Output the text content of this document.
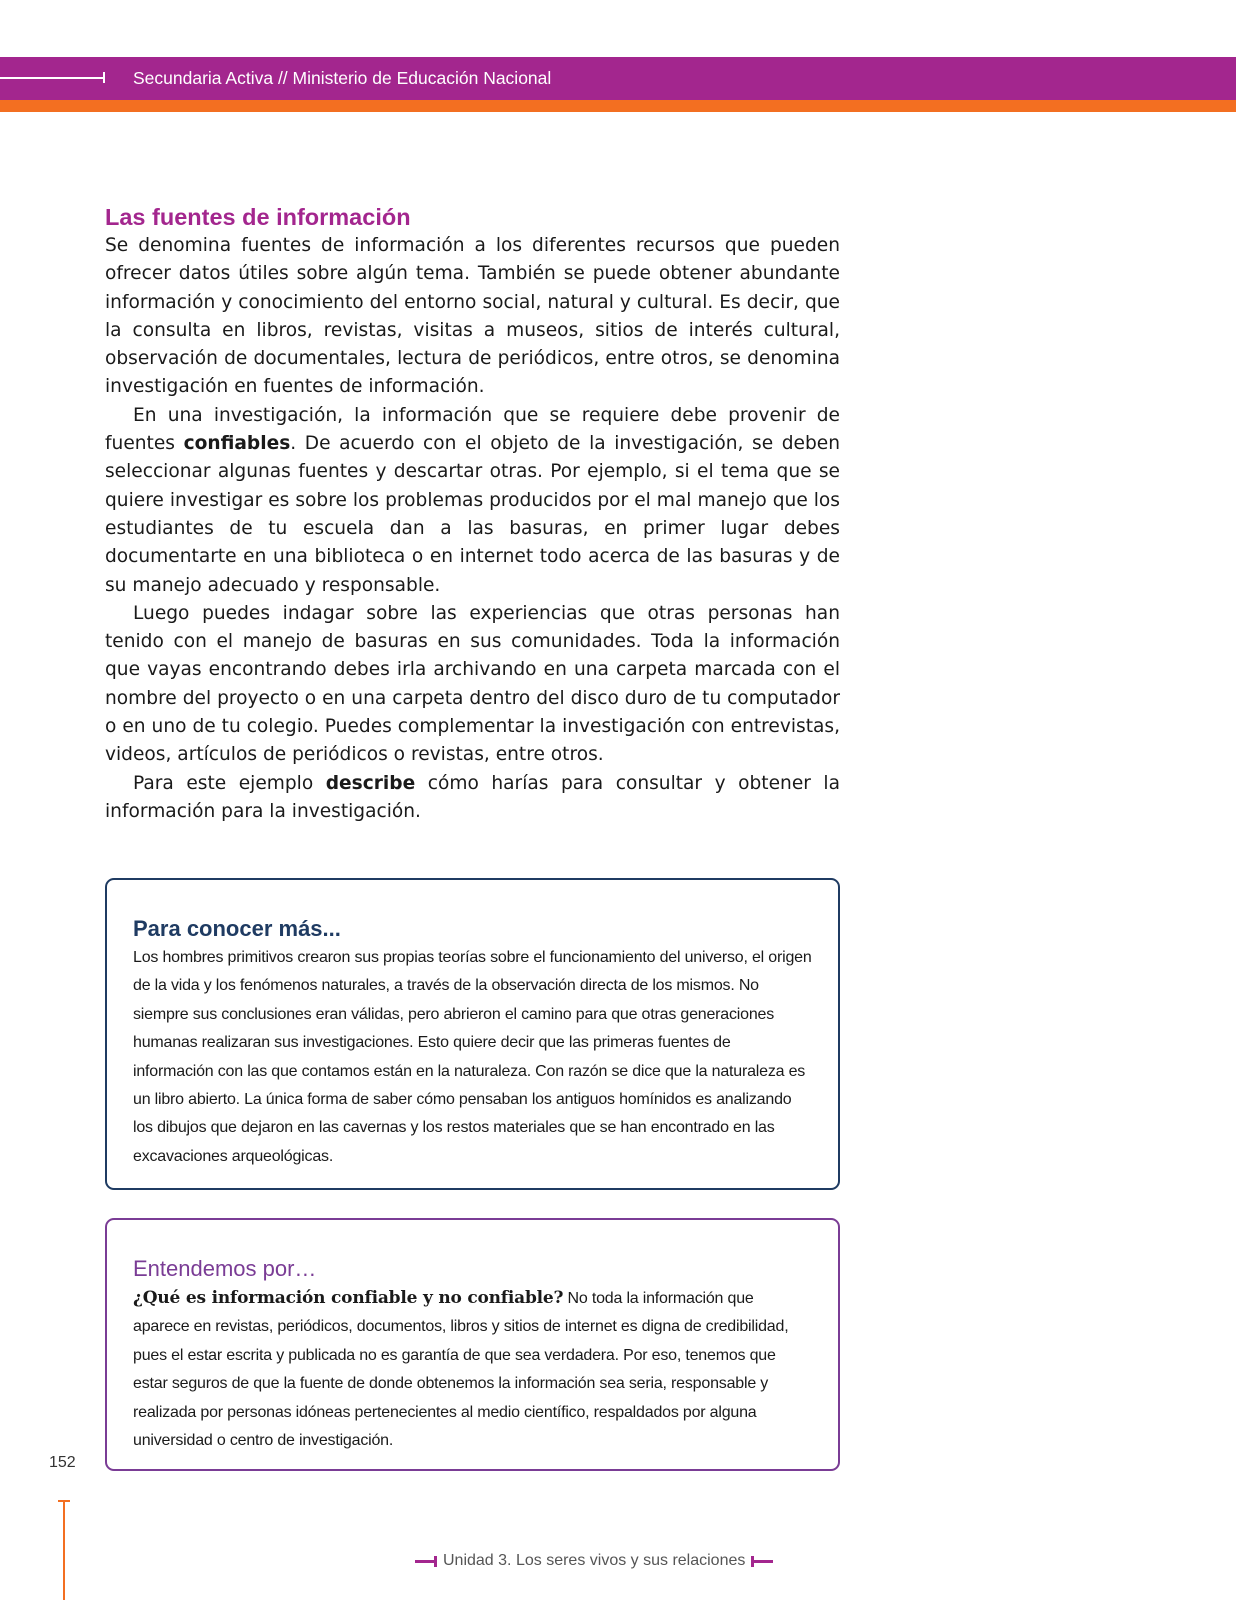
Secundaria Activa // Ministerio de Educación Nacional
Las fuentes de información

Se denomina fuentes de información a los diferentes recursos que pueden ofrecer datos útiles sobre algún tema. También se puede obtener abundante información y conocimiento del entorno social, natural y cultural. Es decir, que la consulta en libros, revistas, visitas a museos, sitios de interés cultural, observación de documentales, lectura de periódicos, entre otros, se denomina investigación en fuentes de información.

En una investigación, la información que se requiere debe provenir de fuentes confiables. De acuerdo con el objeto de la investigación, se deben seleccionar algunas fuentes y descartar otras. Por ejemplo, si el tema que se quiere investigar es sobre los problemas producidos por el mal manejo que los estudiantes de tu escuela dan a las basuras, en primer lugar debes documentarte en una biblioteca o en internet todo acerca de las basuras y de su manejo adecuado y responsable.

Luego puedes indagar sobre las experiencias que otras personas han tenido con el manejo de basuras en sus comunidades. Toda la información que vayas encontrando debes irla archivando en una carpeta marcada con el nombre del proyecto o en una carpeta dentro del disco duro de tu computador o en uno de tu colegio. Puedes complementar la investigación con entrevistas, videos, artículos de periódicos o revistas, entre otros.

Para este ejemplo describe cómo harías para consultar y obtener la información para la investigación.

Para conocer más...

Los hombres primitivos crearon sus propias teorías sobre el funcionamiento del universo, el origen de la vida y los fenómenos naturales, a través de la observación directa de los mismos. No siempre sus conclusiones eran válidas, pero abrieron el camino para que otras generaciones humanas realizaran sus investigaciones. Esto quiere decir que las primeras fuentes de información con las que contamos están en la naturaleza. Con razón se dice que la naturaleza es un libro abierto. La única forma de saber cómo pensaban los antiguos homínidos es analizando los dibujos que dejaron en las cavernas y los restos materiales que se han encontrado en las excavaciones arqueológicas.

Entendemos por…

¿Qué es información confiable y no confiable? No toda la información que aparece en revistas, periódicos, documentos, libros y sitios de internet es digna de credibilidad, pues el estar escrita y publicada no es garantía de que sea verdadera. Por eso, tenemos que estar seguros de que la fuente de donde obtenemos la información sea seria, responsable y realizada por personas idóneas pertenecientes al medio científico, respaldados por alguna universidad o centro de investigación.

152
Unidad 3. Los seres vivos y sus relaciones
